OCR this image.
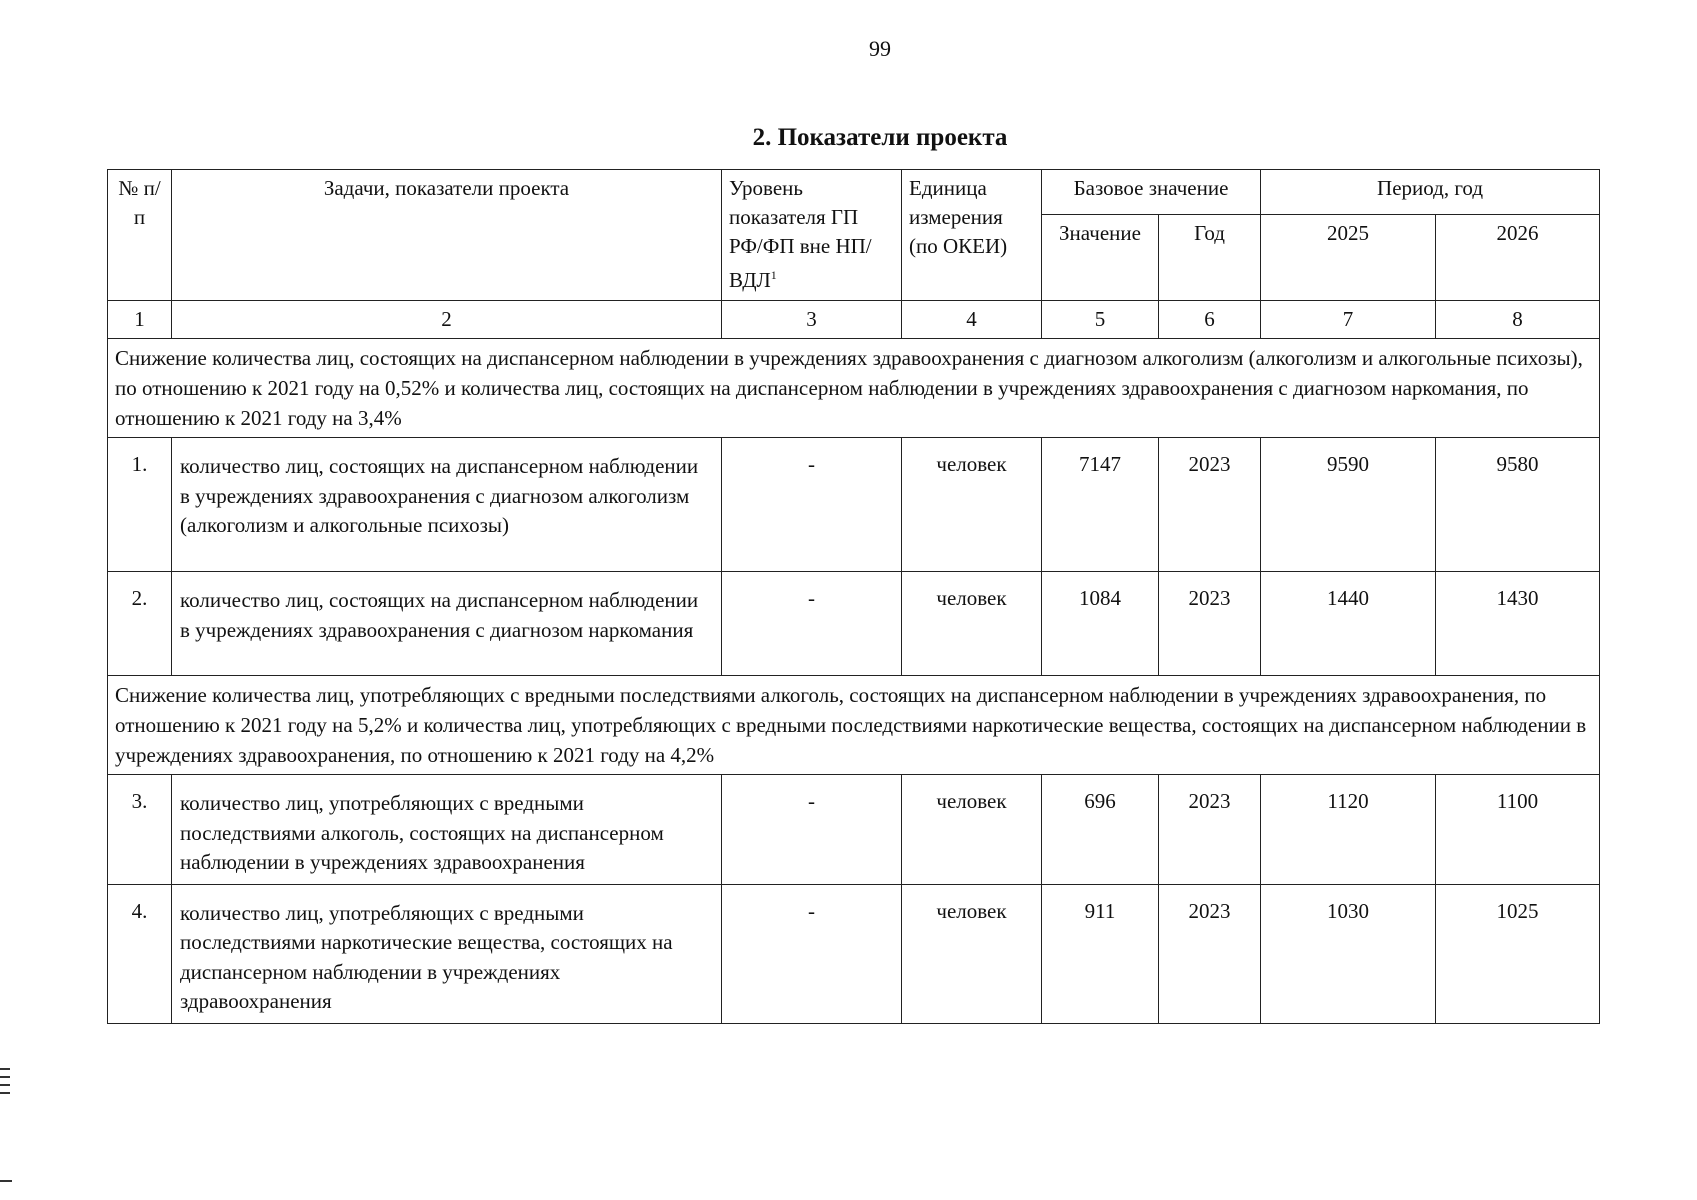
99
2. Показатели проекта
№ п/п	Задачи, показатели проекта	Уровень показателя ГП РФ/ФП вне НП/ВДЛ$^1$	Единица измерения (по ОКЕИ)	Базовое значение		Период, год	
				Значение	Год	2025	2026
1	2	3	4	5	6	7	8
Снижение количества лиц, состоящих на диспансерном наблюдении в учреждениях здравоохранения с диагнозом алкоголизм (алкоголизм и алкогольные психозы), по отношению к 2021 году на 0,52% и количества лиц, состоящих на диспансерном наблюдении в учреждениях здравоохранения с диагнозом наркомания, по отношению к 2021 году на 3,4%							
1.	количество лиц, состоящих на диспансерном наблюдении в учреждениях здравоохранения с диагнозом алкоголизм (алкоголизм и алкогольные психозы)	-	человек	7147	2023	9590	9580
2.	количество лиц, состоящих на диспансерном наблюдении в учреждениях здравоохранения с диагнозом наркомания	-	человек	1084	2023	1440	1430
Снижение количества лиц, употребляющих с вредными последствиями алкоголь, состоящих на диспансерном наблюдении в учреждениях здравоохранения, по отношению к 2021 году на 5,2% и количества лиц, употребляющих с вредными последствиями наркотические вещества, состоящих на диспансерном наблюдении в учреждениях здравоохранения, по отношению к 2021 году на 4,2%							
3.	количество лиц, употребляющих с вредными последствиями алкоголь, состоящих на диспансерном наблюдении в учреждениях здравоохранения	-	человек	696	2023	1120	1100
4.	количество лиц, употребляющих с вредными последствиями наркотические вещества, состоящих на диспансерном наблюдении в учреждениях здравоохранения	-	человек	911	2023	1030	1025
